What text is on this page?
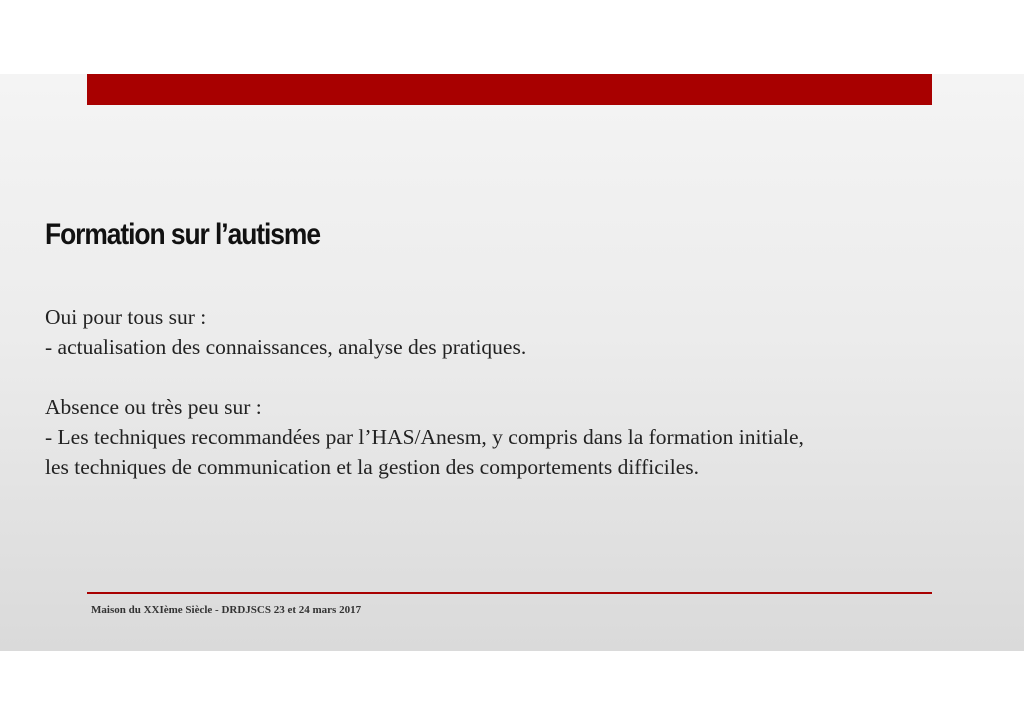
Formation sur l’autisme

Oui pour tous sur :

- actualisation des connaissances, analyse des pratiques.

Absence ou très peu sur :

- Les techniques recommandées par l’HAS/Anesm, y compris dans la formation initiale,

les techniques de communication et la gestion des comportements difficiles.

Maison du XXIème Siècle - DRDJSCS 23 et 24 mars 2017
